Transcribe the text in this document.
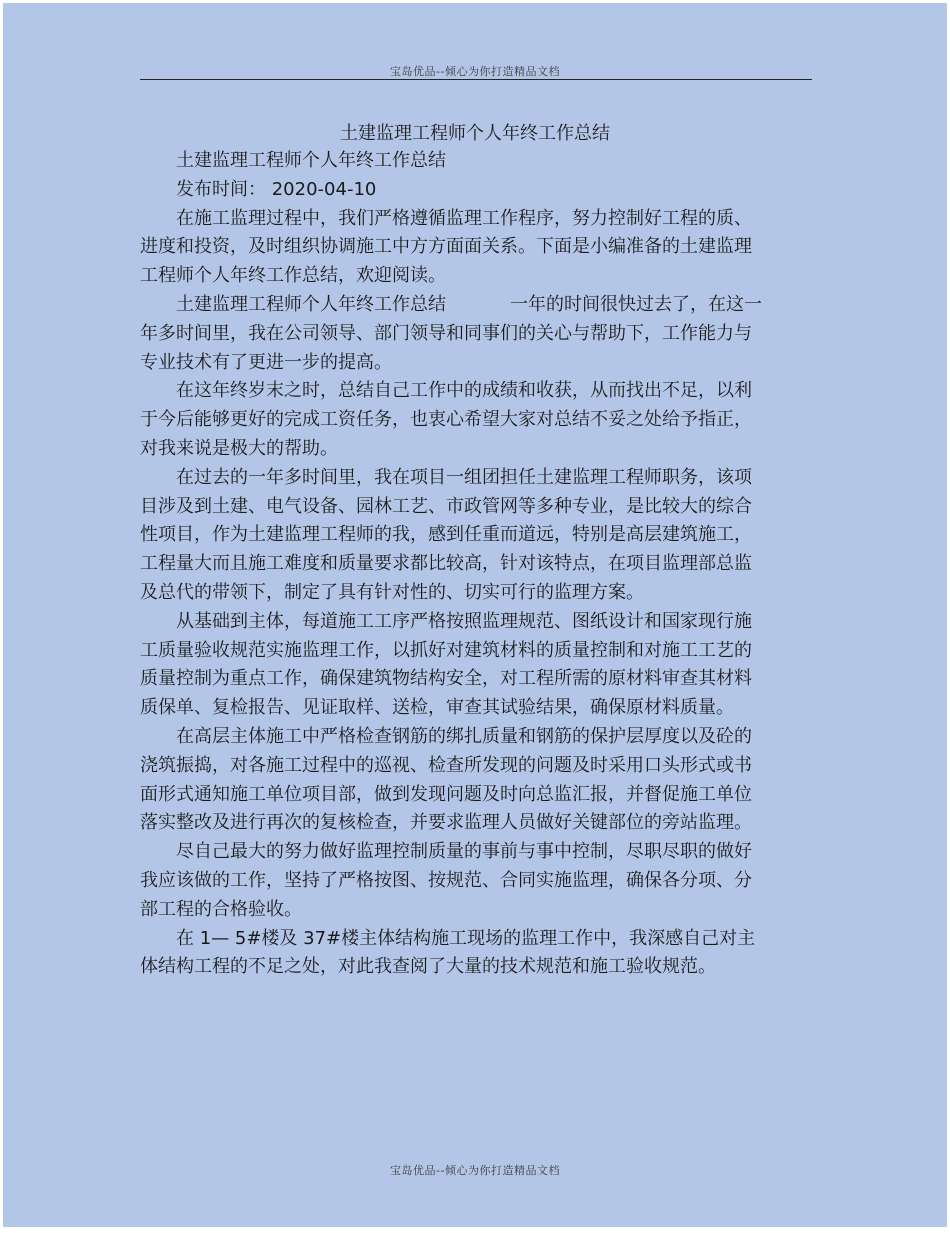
宝岛优品--倾心为你打造精品文档
土建监理工程师个人年终工作总结

土建监理工程师个人年终工作总结

发布时间： 2020-04-10

在施工监理过程中，我们严格遵循监理工作程序，努力控制好工程的质、进度和投资，及时组织协调施工中方方面面关系。下面是小编准备的土建监理工程师个人年终工作总结，欢迎阅读。

土建监理工程师个人年终工作总结	一年的时间很快过去了，在这一年多时间里，我在公司领导、部门领导和同事们的关心与帮助下，工作能力与专业技术有了更进一步的提高。

在这年终岁末之时，总结自己工作中的成绩和收获，从而找出不足，以利于今后能够更好的完成工资任务，也衷心希望大家对总结不妥之处给予指正，对我来说是极大的帮助。

在过去的一年多时间里，我在项目一组团担任土建监理工程师职务，该项目涉及到土建、电气设备、园林工艺、市政管网等多种专业，是比较大的综合性项目，作为土建监理工程师的我，感到任重而道远，特别是高层建筑施工，工程量大而且施工难度和质量要求都比较高，针对该特点，在项目监理部总监及总代的带领下，制定了具有针对性的、切实可行的监理方案。

从基础到主体，每道施工工序严格按照监理规范、图纸设计和国家现行施工质量验收规范实施监理工作，以抓好对建筑材料的质量控制和对施工工艺的质量控制为重点工作，确保建筑物结构安全，对工程所需的原材料审查其材料质保单、复检报告、见证取样、送检，审查其试验结果，确保原材料质量。

在高层主体施工中严格检查钢筋的绑扎质量和钢筋的保护层厚度以及砼的浇筑振捣，对各施工过程中的巡视、检查所发现的问题及时采用口头形式或书面形式通知施工单位项目部，做到发现问题及时向总监汇报，并督促施工单位落实整改及进行再次的复核检查，并要求监理人员做好关键部位的旁站监理。

尽自己最大的努力做好监理控制质量的事前与事中控制，尽职尽职的做好我应该做的工作，坚持了严格按图、按规范、合同实施监理，确保各分项、分部工程的合格验收。

在 1— 5#楼及 37#楼主体结构施工现场的监理工作中，我深感自己对主体结构工程的不足之处，对此我查阅了大量的技术规范和施工验收规范。

宝岛优品--倾心为你打造精品文档
